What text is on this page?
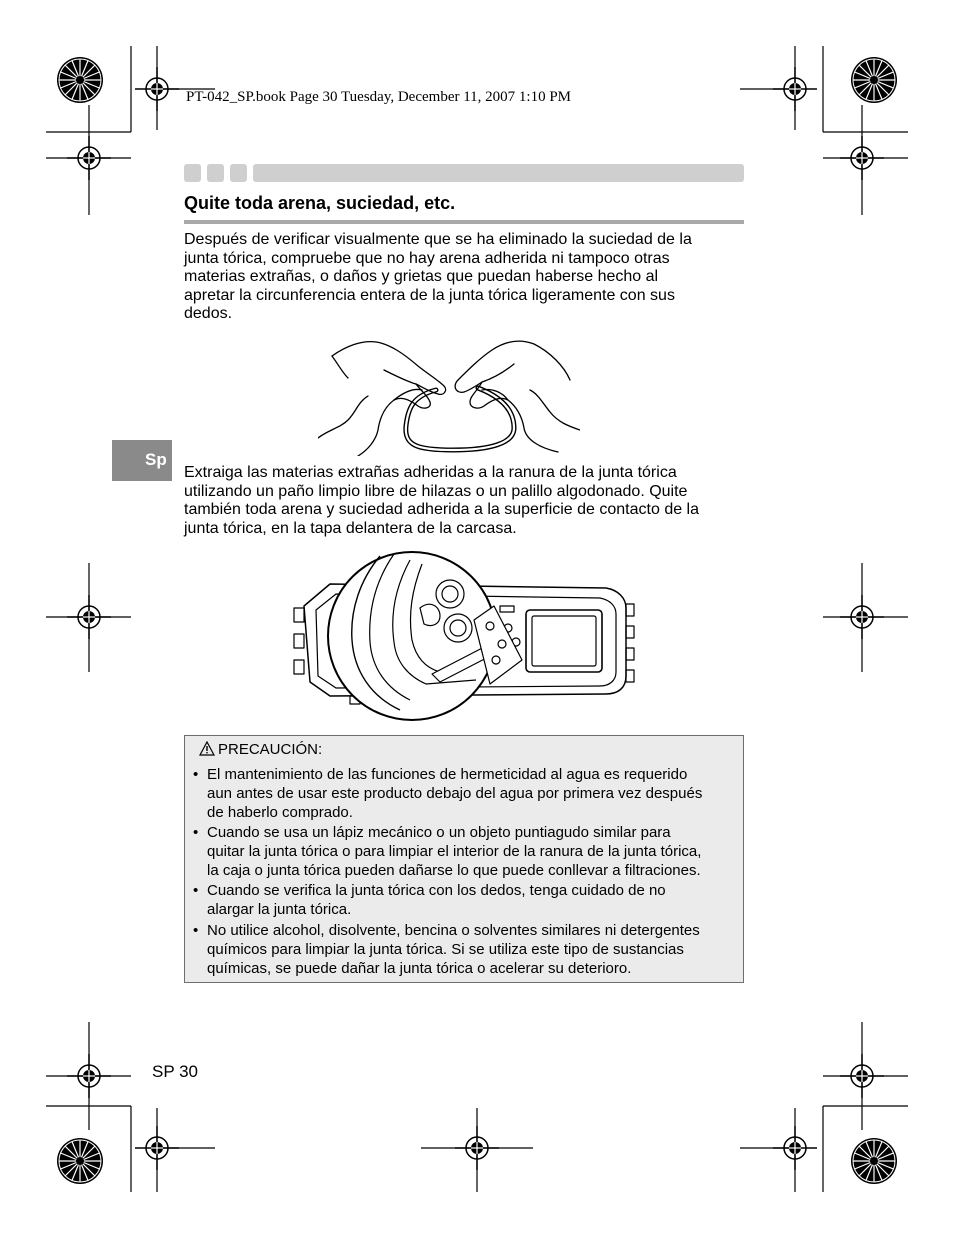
PT-042_SP.book Page 30 Tuesday, December 11, 2007 1:10 PM
Quite toda arena, suciedad, etc.
Después de verificar visualmente que se ha eliminado la suciedad de la
junta tórica, compruebe que no hay arena adherida ni tampoco otras
materias extrañas, o daños y grietas que puedan haberse hecho al
apretar la circunferencia entera de la junta tórica ligeramente con sus
dedos.
Sp
Extraiga las materias extrañas adheridas a la ranura de la junta tórica
utilizando un paño limpio libre de hilazas o un palillo algodonado. Quite
también toda arena y suciedad adherida a la superficie de contacto de la
junta tórica, en la tapa delantera de la carcasa.
PRECAUCIÓN:
• El mantenimiento de las funciones de hermeticidad al agua es requerido
aun antes de usar este producto debajo del agua por primera vez después
de haberlo comprado.
• Cuando se usa un lápiz mecánico o un objeto puntiagudo similar para
quitar la junta tórica o para limpiar el interior de la ranura de la junta tórica,
la caja o junta tórica pueden dañarse lo que puede conllevar a filtraciones.
• Cuando se verifica la junta tórica con los dedos, tenga cuidado de no
alargar la junta tórica.
• No utilice alcohol, disolvente, bencina o solventes similares ni detergentes
químicos para limpiar la junta tórica. Si se utiliza este tipo de sustancias
químicas, se puede dañar la junta tórica o acelerar su deterioro.
SP 30
